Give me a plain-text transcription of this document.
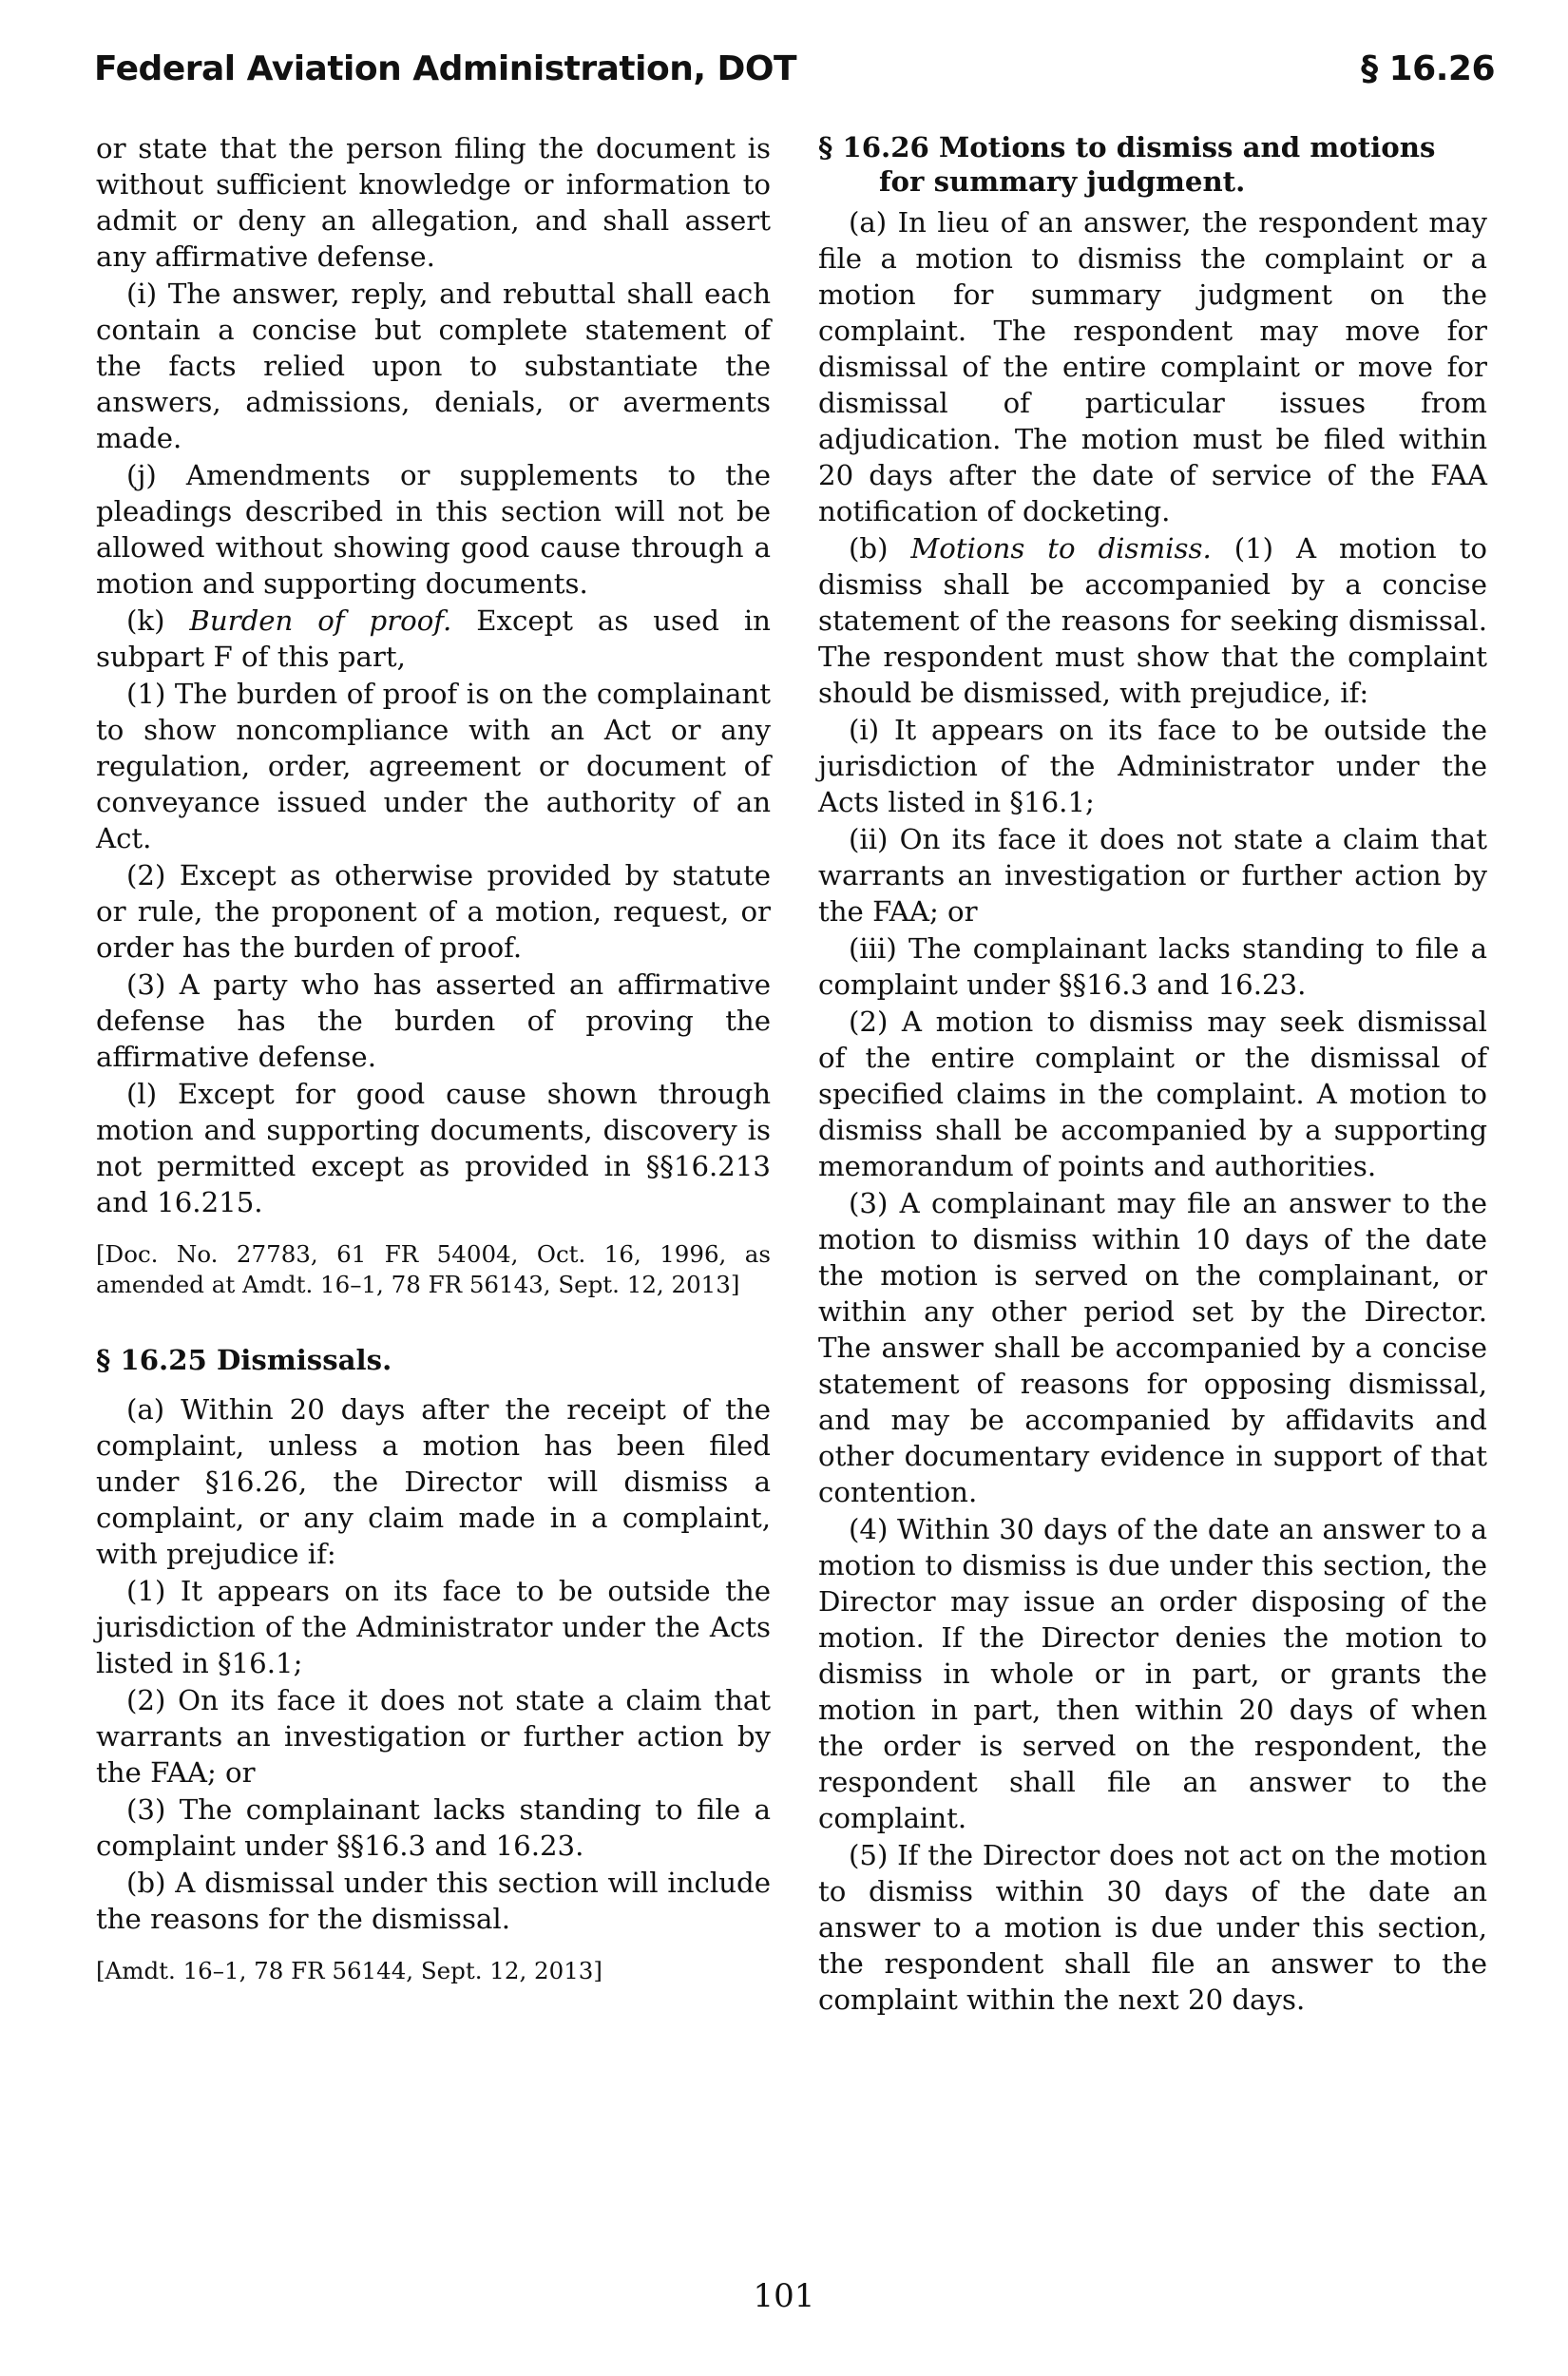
Federal Aviation Administration, DOT	§ 16.26

or state that the person filing the document is without sufficient knowledge or information to admit or deny an allegation, and shall assert any affirmative defense.

(i) The answer, reply, and rebuttal shall each contain a concise but complete statement of the facts relied upon to substantiate the answers, admissions, denials, or averments made.

(j) Amendments or supplements to the pleadings described in this section will not be allowed without showing good cause through a motion and supporting documents.

(k) Burden of proof. Except as used in subpart F of this part,

(1) The burden of proof is on the complainant to show noncompliance with an Act or any regulation, order, agreement or document of conveyance issued under the authority of an Act.

(2) Except as otherwise provided by statute or rule, the proponent of a motion, request, or order has the burden of proof.

(3) A party who has asserted an affirmative defense has the burden of proving the affirmative defense.

(l) Except for good cause shown through motion and supporting documents, discovery is not permitted except as provided in §§16.213 and 16.215.

[Doc. No. 27783, 61 FR 54004, Oct. 16, 1996, as amended at Amdt. 16–1, 78 FR 56143, Sept. 12, 2013]

§ 16.25 Dismissals.

(a) Within 20 days after the receipt of the complaint, unless a motion has been filed under §16.26, the Director will dismiss a complaint, or any claim made in a complaint, with prejudice if:

(1) It appears on its face to be outside the jurisdiction of the Administrator under the Acts listed in §16.1;

(2) On its face it does not state a claim that warrants an investigation or further action by the FAA; or

(3) The complainant lacks standing to file a complaint under §§16.3 and 16.23.

(b) A dismissal under this section will include the reasons for the dismissal.

[Amdt. 16–1, 78 FR 56144, Sept. 12, 2013]

§ 16.26 Motions to dismiss and motions for summary judgment.

(a) In lieu of an answer, the respondent may file a motion to dismiss the complaint or a motion for summary judgment on the complaint. The respondent may move for dismissal of the entire complaint or move for dismissal of particular issues from adjudication. The motion must be filed within 20 days after the date of service of the FAA notification of docketing.

(b) Motions to dismiss. (1) A motion to dismiss shall be accompanied by a concise statement of the reasons for seeking dismissal. The respondent must show that the complaint should be dismissed, with prejudice, if:

(i) It appears on its face to be outside the jurisdiction of the Administrator under the Acts listed in §16.1;

(ii) On its face it does not state a claim that warrants an investigation or further action by the FAA; or

(iii) The complainant lacks standing to file a complaint under §§16.3 and 16.23.

(2) A motion to dismiss may seek dismissal of the entire complaint or the dismissal of specified claims in the complaint. A motion to dismiss shall be accompanied by a supporting memorandum of points and authorities.

(3) A complainant may file an answer to the motion to dismiss within 10 days of the date the motion is served on the complainant, or within any other period set by the Director. The answer shall be accompanied by a concise statement of reasons for opposing dismissal, and may be accompanied by affidavits and other documentary evidence in support of that contention.

(4) Within 30 days of the date an answer to a motion to dismiss is due under this section, the Director may issue an order disposing of the motion. If the Director denies the motion to dismiss in whole or in part, or grants the motion in part, then within 20 days of when the order is served on the respondent, the respondent shall file an answer to the complaint.

(5) If the Director does not act on the motion to dismiss within 30 days of the date an answer to a motion is due under this section, the respondent shall file an answer to the complaint within the next 20 days.

101
